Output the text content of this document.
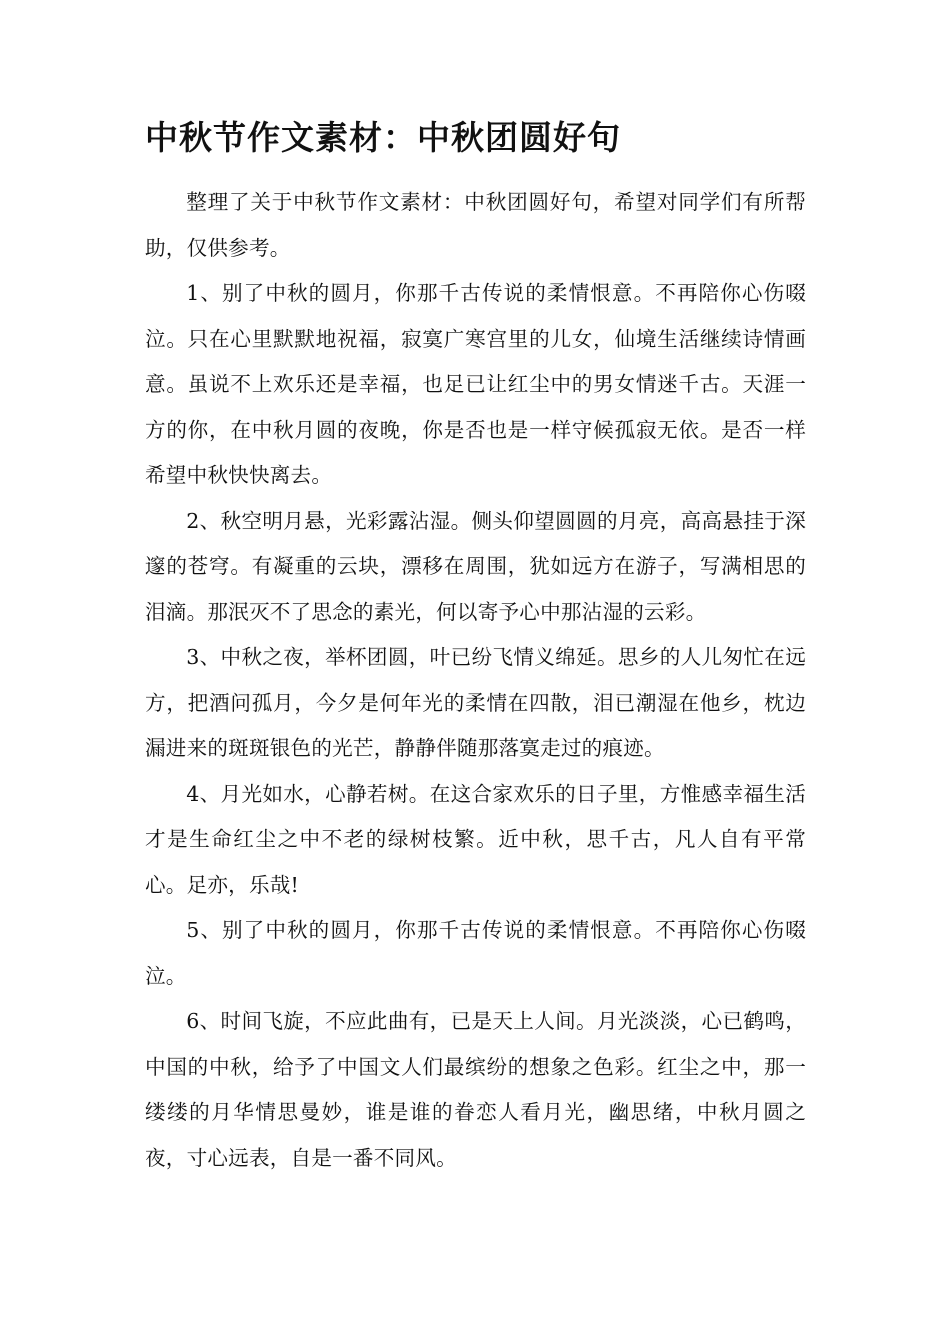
中秋节作文素材：中秋团圆好句

整理了关于中秋节作文素材：中秋团圆好句，希望对同学们有所帮助，仅供参考。

1、别了中秋的圆月，你那千古传说的柔情恨意。不再陪你心伤啜泣。只在心里默默地祝福，寂寞广寒宫里的儿女，仙境生活继续诗情画意。虽说不上欢乐还是幸福，也足已让红尘中的男女情迷千古。天涯一方的你，在中秋月圆的夜晚，你是否也是一样守候孤寂无依。是否一样希望中秋快快离去。

2、秋空明月悬，光彩露沾湿。侧头仰望圆圆的月亮，高高悬挂于深邃的苍穹。有凝重的云块，漂移在周围，犹如远方在游子，写满相思的泪滴。那泯灭不了思念的素光，何以寄予心中那沾湿的云彩。

3、中秋之夜，举杯团圆，叶已纷飞情义绵延。思乡的人儿匆忙在远方，把酒问孤月，今夕是何年光的柔情在四散，泪已潮湿在他乡，枕边漏进来的斑斑银色的光芒，静静伴随那落寞走过的痕迹。

4、月光如水，心静若树。在这合家欢乐的日子里，方惟感幸福生活才是生命红尘之中不老的绿树枝繁。近中秋，思千古，凡人自有平常心。足亦，乐哉!

5、别了中秋的圆月，你那千古传说的柔情恨意。不再陪你心伤啜泣。

6、时间飞旋，不应此曲有，已是天上人间。月光淡淡，心已鹤鸣，中国的中秋，给予了中国文人们最缤纷的想象之色彩。红尘之中，那一缕缕的月华情思曼妙，谁是谁的眷恋人看月光，幽思绪，中秋月圆之夜，寸心远表，自是一番不同风。
